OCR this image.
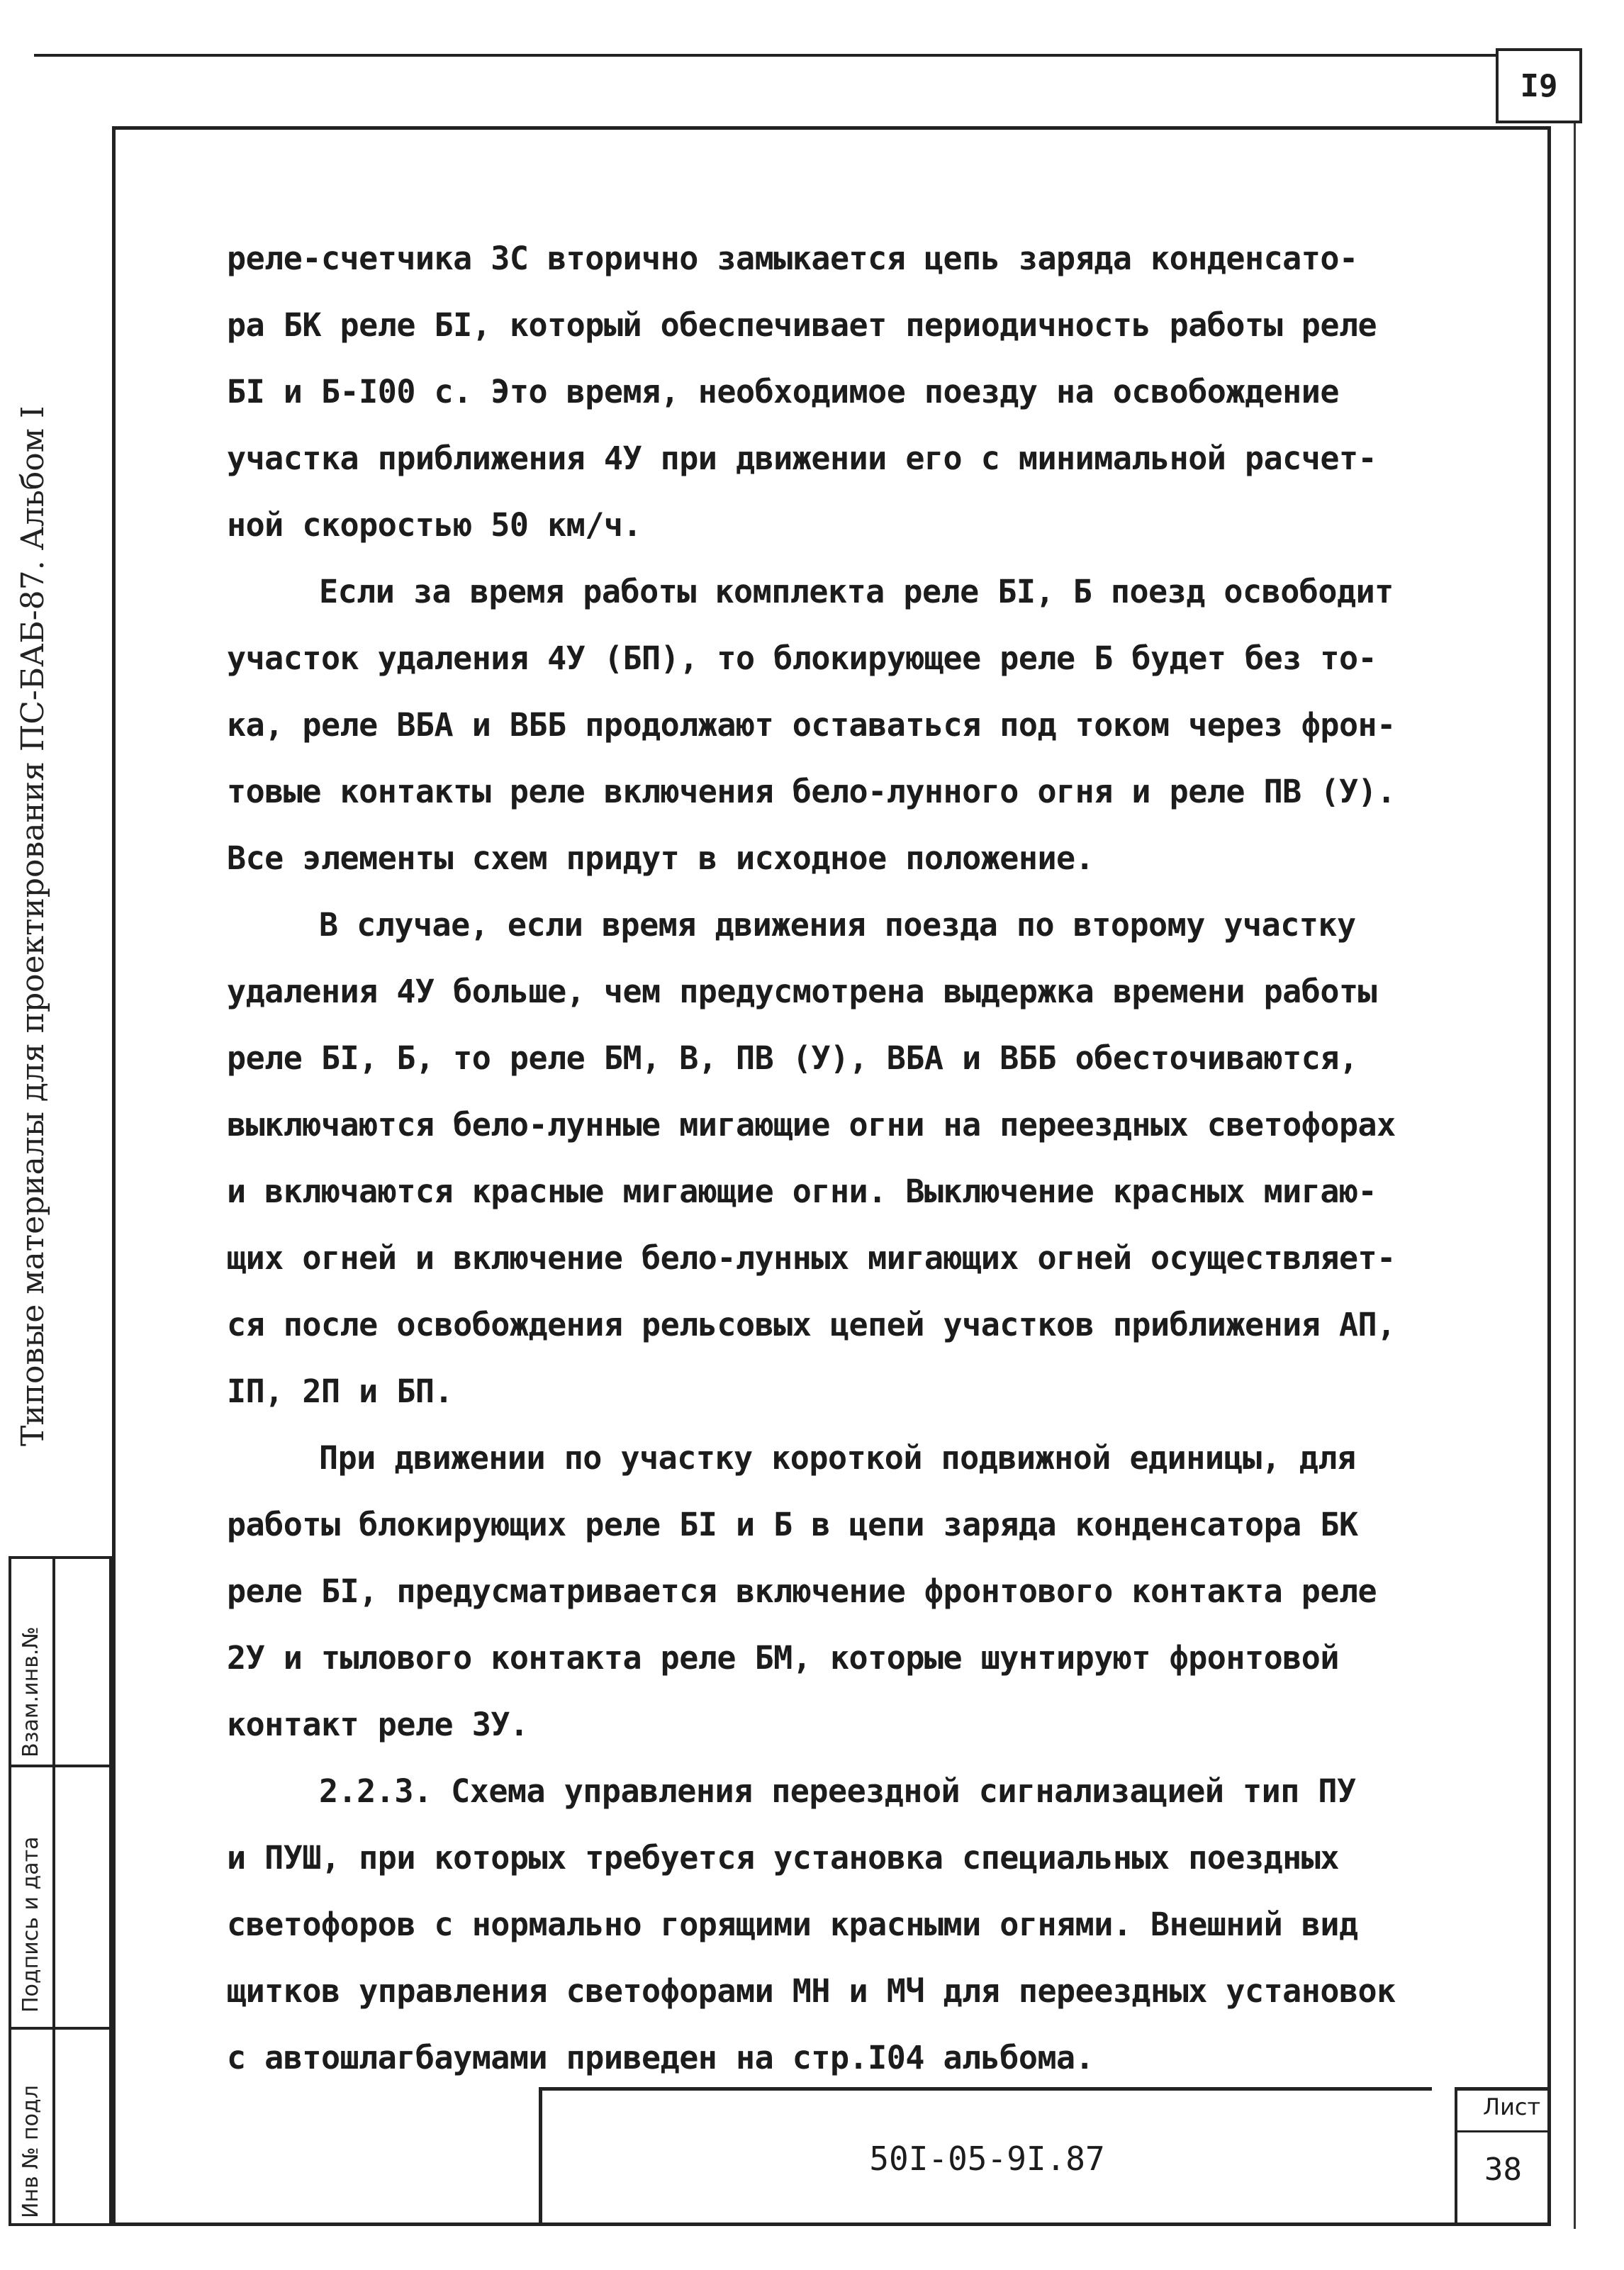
I9
Типовые материалы для проектирования ПС-БАБ-87. Альбом I
Взам.инв.№
Подпись и дата
Инв № подл
реле-счетчика 3С вторично замыкается цепь заряда конденсато-
ра БК реле БI, который обеспечивает периодичность работы реле
БI и Б-I00 с. Это время, необходимое поезду на освобождение
участка приближения 4У при движении его с минимальной расчет-
ной скоростью 50 км/ч.
Если за время работы комплекта реле БI, Б поезд освободит
участок удаления 4У (БП), то блокирующее реле Б будет без то-
ка, реле ВБА и ВББ продолжают оставаться под током через фрон-
товые контакты реле включения бело-лунного огня и реле ПВ (У).
Все элементы схем придут в исходное положение.
В случае, если время движения поезда по второму участку
удаления 4У больше, чем предусмотрена выдержка времени работы
реле БI, Б, то реле БМ, В, ПВ (У), ВБА и ВББ обесточиваются,
выключаются бело-лунные мигающие огни на переездных светофорах
и включаются красные мигающие огни. Выключение красных мигаю-
щих огней и включение бело-лунных мигающих огней осуществляет-
ся после освобождения рельсовых цепей участков приближения АП,
IП, 2П и БП.
При движении по участку короткой подвижной единицы, для
работы блокирующих реле БI и Б в цепи заряда конденсатора БК
реле БI, предусматривается включение фронтового контакта реле
2У и тылового контакта реле БМ, которые шунтируют фронтовой
контакт реле 3У.
2.2.3. Схема управления переездной сигнализацией тип ПУ
и ПУШ, при которых требуется установка специальных поездных
светофоров с нормально горящими красными огнями. Внешний вид
щитков управления светофорами МН и МЧ для переездных установок
с автошлагбаумами приведен на стр.I04 альбома.
50I-05-9I.87
Лист
38
